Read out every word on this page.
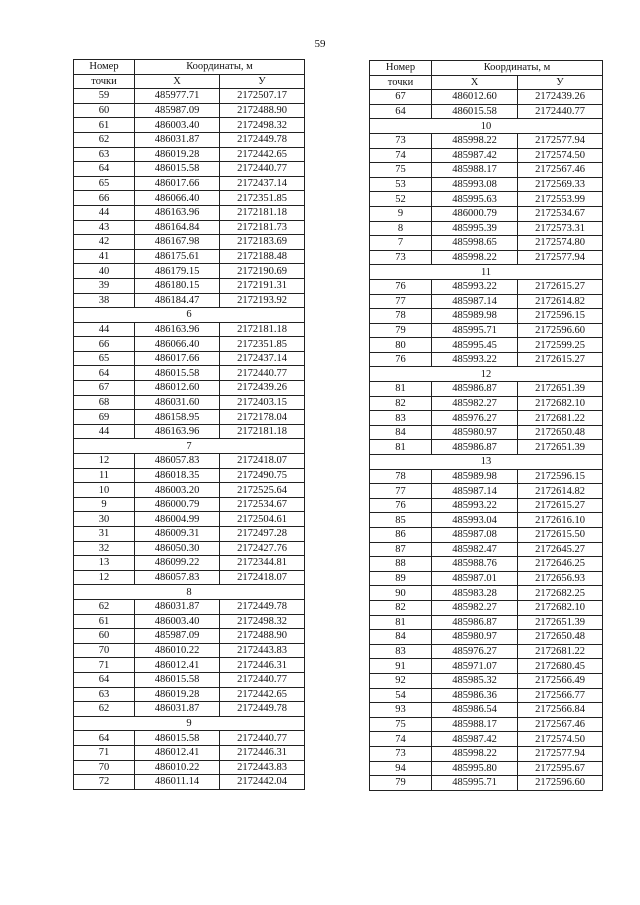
59
Номер	Координаты, м	
точки	X	У
59	485977.71	2172507.17
60	485987.09	2172488.90
61	486003.40	2172498.32
62	486031.87	2172449.78
63	486019.28	2172442.65
64	486015.58	2172440.77
65	486017.66	2172437.14
66	486066.40	2172351.85
44	486163.96	2172181.18
43	486164.84	2172181.73
42	486167.98	2172183.69
41	486175.61	2172188.48
40	486179.15	2172190.69
39	486180.15	2172191.31
38	486184.47	2172193.92
6		
44	486163.96	2172181.18
66	486066.40	2172351.85
65	486017.66	2172437.14
64	486015.58	2172440.77
67	486012.60	2172439.26
68	486031.60	2172403.15
69	486158.95	2172178.04
44	486163.96	2172181.18
7		
12	486057.83	2172418.07
11	486018.35	2172490.75
10	486003.20	2172525.64
9	486000.79	2172534.67
30	486004.99	2172504.61
31	486009.31	2172497.28
32	486050.30	2172427.76
13	486099.22	2172344.81
12	486057.83	2172418.07
8		
62	486031.87	2172449.78
61	486003.40	2172498.32
60	485987.09	2172488.90
70	486010.22	2172443.83
71	486012.41	2172446.31
64	486015.58	2172440.77
63	486019.28	2172442.65
62	486031.87	2172449.78
9		
64	486015.58	2172440.77
71	486012.41	2172446.31
70	486010.22	2172443.83
72	486011.14	2172442.04
Номер	Координаты, м	
точки	X	У
67	486012.60	2172439.26
64	486015.58	2172440.77
10		
73	485998.22	2172577.94
74	485987.42	2172574.50
75	485988.17	2172567.46
53	485993.08	2172569.33
52	485995.63	2172553.99
9	486000.79	2172534.67
8	485995.39	2172573.31
7	485998.65	2172574.80
73	485998.22	2172577.94
11		
76	485993.22	2172615.27
77	485987.14	2172614.82
78	485989.98	2172596.15
79	485995.71	2172596.60
80	485995.45	2172599.25
76	485993.22	2172615.27
12		
81	485986.87	2172651.39
82	485982.27	2172682.10
83	485976.27	2172681.22
84	485980.97	2172650.48
81	485986.87	2172651.39
13		
78	485989.98	2172596.15
77	485987.14	2172614.82
76	485993.22	2172615.27
85	485993.04	2172616.10
86	485987.08	2172615.50
87	485982.47	2172645.27
88	485988.76	2172646.25
89	485987.01	2172656.93
90	485983.28	2172682.25
82	485982.27	2172682.10
81	485986.87	2172651.39
84	485980.97	2172650.48
83	485976.27	2172681.22
91	485971.07	2172680.45
92	485985.32	2172566.49
54	485986.36	2172566.77
93	485986.54	2172566.84
75	485988.17	2172567.46
74	485987.42	2172574.50
73	485998.22	2172577.94
94	485995.80	2172595.67
79	485995.71	2172596.60
